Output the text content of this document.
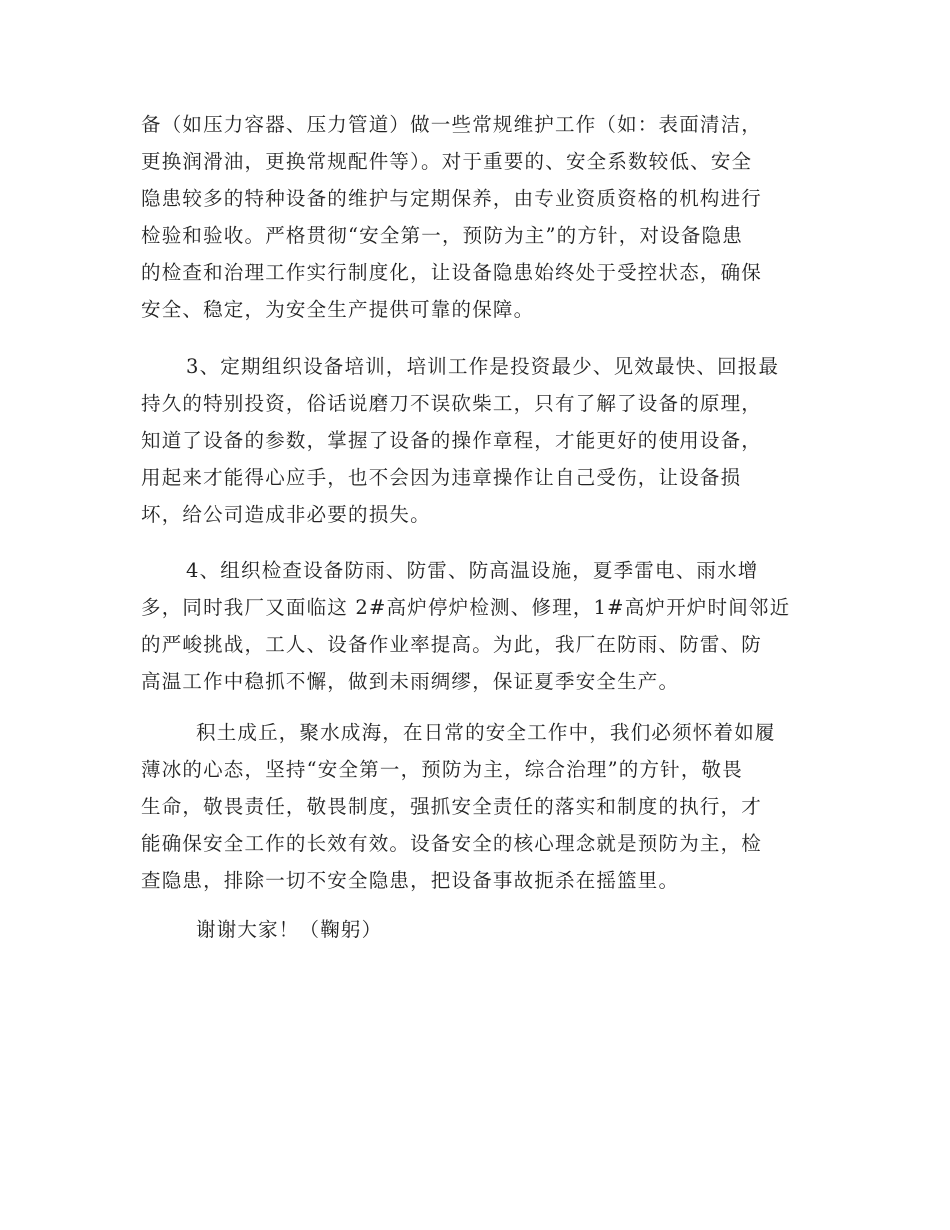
备（如压力容器、压力管道）做一些常规维护工作（如：表面清洁，
更换润滑油，更换常规配件等）。对于重要的、安全系数较低、安全
隐患较多的特种设备的维护与定期保养，由专业资质资格的机构进行
检验和验收。严格贯彻“安全第一，预防为主”的方针，对设备隐患
的检查和治理工作实行制度化，让设备隐患始终处于受控状态，确保
安全、稳定，为安全生产提供可靠的保障。
3、定期组织设备培训，培训工作是投资最少、见效最快、回报最
持久的特别投资，俗话说磨刀不误砍柴工，只有了解了设备的原理，
知道了设备的参数，掌握了设备的操作章程，才能更好的使用设备，
用起来才能得心应手，也不会因为违章操作让自己受伤，让设备损
坏，给公司造成非必要的损失。
4、组织检查设备防雨、防雷、防高温设施，夏季雷电、雨水增
多，同时我厂又面临这 2#高炉停炉检测、修理，1#高炉开炉时间邻近
的严峻挑战，工人、设备作业率提高。为此，我厂在防雨、防雷、防
高温工作中稳抓不懈，做到未雨绸缪，保证夏季安全生产。
积土成丘，聚水成海，在日常的安全工作中，我们必须怀着如履
薄冰的心态，坚持“安全第一，预防为主，综合治理”的方针，敬畏
生命，敬畏责任，敬畏制度，强抓安全责任的落实和制度的执行，才
能确保安全工作的长效有效。设备安全的核心理念就是预防为主，检
查隐患，排除一切不安全隐患，把设备事故扼杀在摇篮里。
谢谢大家！（鞠躬）
